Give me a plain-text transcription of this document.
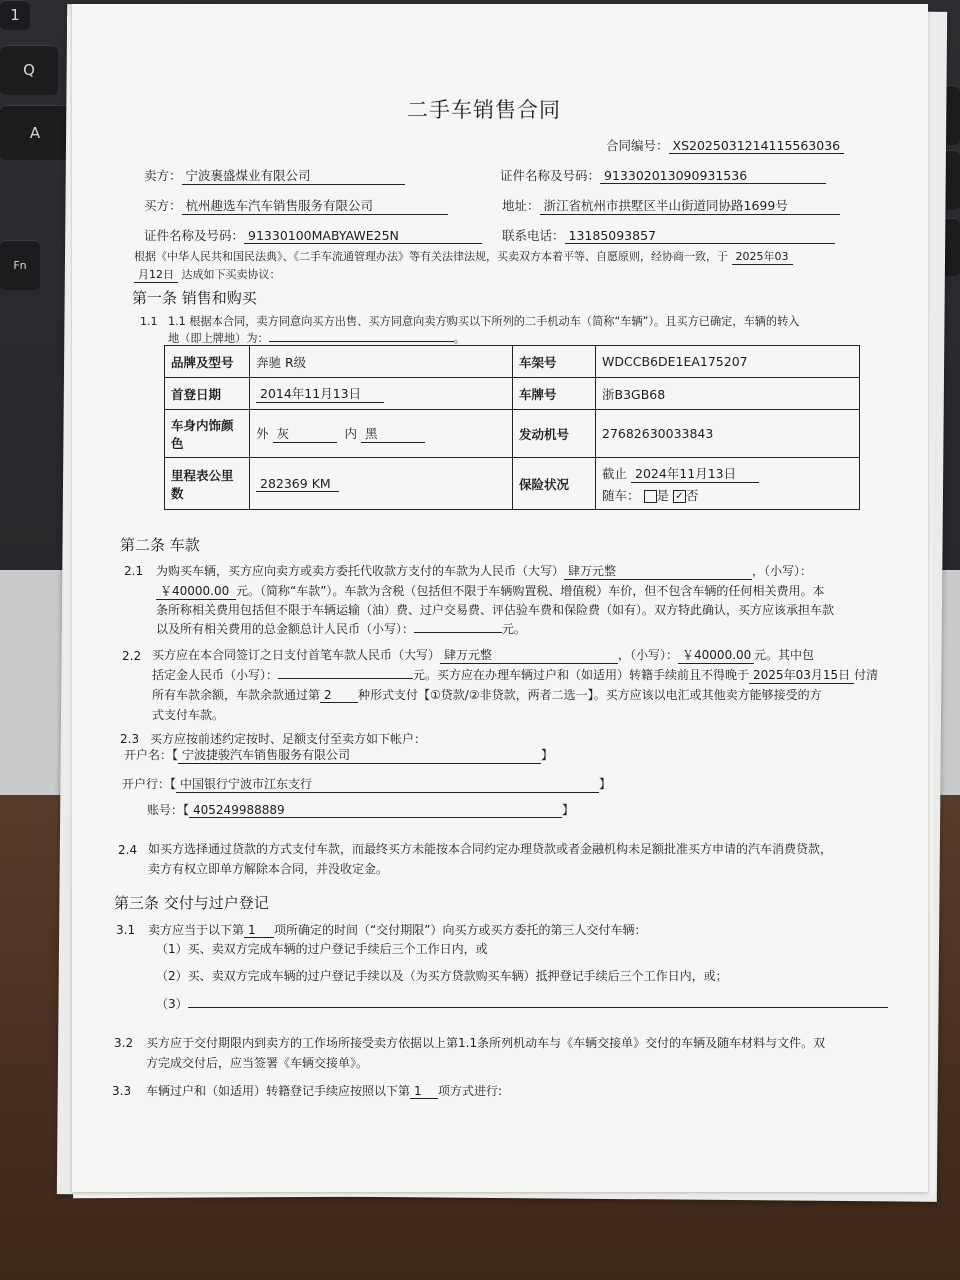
1
Q
A
Fn
二手车销售合同
合同编号： XS2025031214115563036
卖方： 宁波裹盛煤业有限公司	证件名称及号码： 913302013090931536
买方： 杭州趣选车汽车销售服务有限公司	地址： 浙江省杭州市拱墅区半山街道同协路1699号
证件名称及号码： 91330100MABYAWE25N	联系电话： 13185093857
根据《中华人民共和国民法典》、《二手车流通管理办法》等有关法律法规，买卖双方本着平等、自愿原则，经协商一致，于 2025年03
月12日 达成如下买卖协议：
第一条 销售和购买
1.1 1.1 根据本合同，卖方同意向买方出售、买方同意向卖方购买以下所列的二手机动车（简称“车辆”）。且买方已确定，车辆的转入
地（即上牌地）为：	。
品牌及型号	奔驰 R级	车架号	WDCCB6DE1EA175207
首登日期	2014年11月13日	车牌号	浙B3GB68
车身内饰颜色	外 灰 内 黑	发动机号	27682630033843
里程表公里数	282369 KM	保险状况	截止 2024年11月13日
随车： 是 ✓ 否
第二条 车款
2.1 为购买车辆，买方应向卖方或卖方委托代收款方支付的车款为人民币（大写） 肆万元整	，（小写）：
￥40000.00 元。（简称“车款”）。车款为含税（包括但不限于车辆购置税、增值税）车价，但不包含车辆的任何相关费用。本
条所称相关费用包括但不限于车辆运输（油）费、过户交易费、评估验车费和保险费（如有）。双方特此确认，买方应该承担车款
以及所有相关费用的总金额总计人民币（小写）：	元。
2.2 买方应在本合同签订之日支付首笔车款人民币（大写） 肆万元整	，（小写）： ￥40000.00 元。其中包
括定金人民币（小写）：	元。买方应在办理车辆过户和（如适用）转籍手续前且不得晚于 2025年03月15日 付清
所有车款余额，车款余款通过第 2 种形式支付【①贷款/②非贷款，两者二选一】。买方应该以电汇或其他卖方能够接受的方
式支付车款。
2.3 买方应按前述约定按时、足额支付至卖方如下帐户：
开户名：【 宁波捷骏汽车销售服务有限公司	】
开户行：【 中国银行宁波市江东支行	】
账号：【 405249988889	】
2.4 如买方选择通过贷款的方式支付车款，而最终买方未能按本合同约定办理贷款或者金融机构未足额批准买方申请的汽车消费贷款，
卖方有权立即单方解除本合同，并没收定金。
第三条 交付与过户登记
3.1 卖方应当于以下第 1 项所确定的时间（“交付期限”）向买方或买方委托的第三人交付车辆：
（1）买、卖双方完成车辆的过户登记手续后三个工作日内，或
（2）买、卖双方完成车辆的过户登记手续以及（为买方贷款购买车辆）抵押登记手续后三个工作日内，或；
（3）
3.2 买方应于交付期限内到卖方的工作场所接受卖方依据以上第1.1条所列机动车与《车辆交接单》交付的车辆及随车材料与文件。双
方完成交付后，应当签署《车辆交接单》。
3.3 车辆过户和（如适用）转籍登记手续应按照以下第 1 项方式进行:
